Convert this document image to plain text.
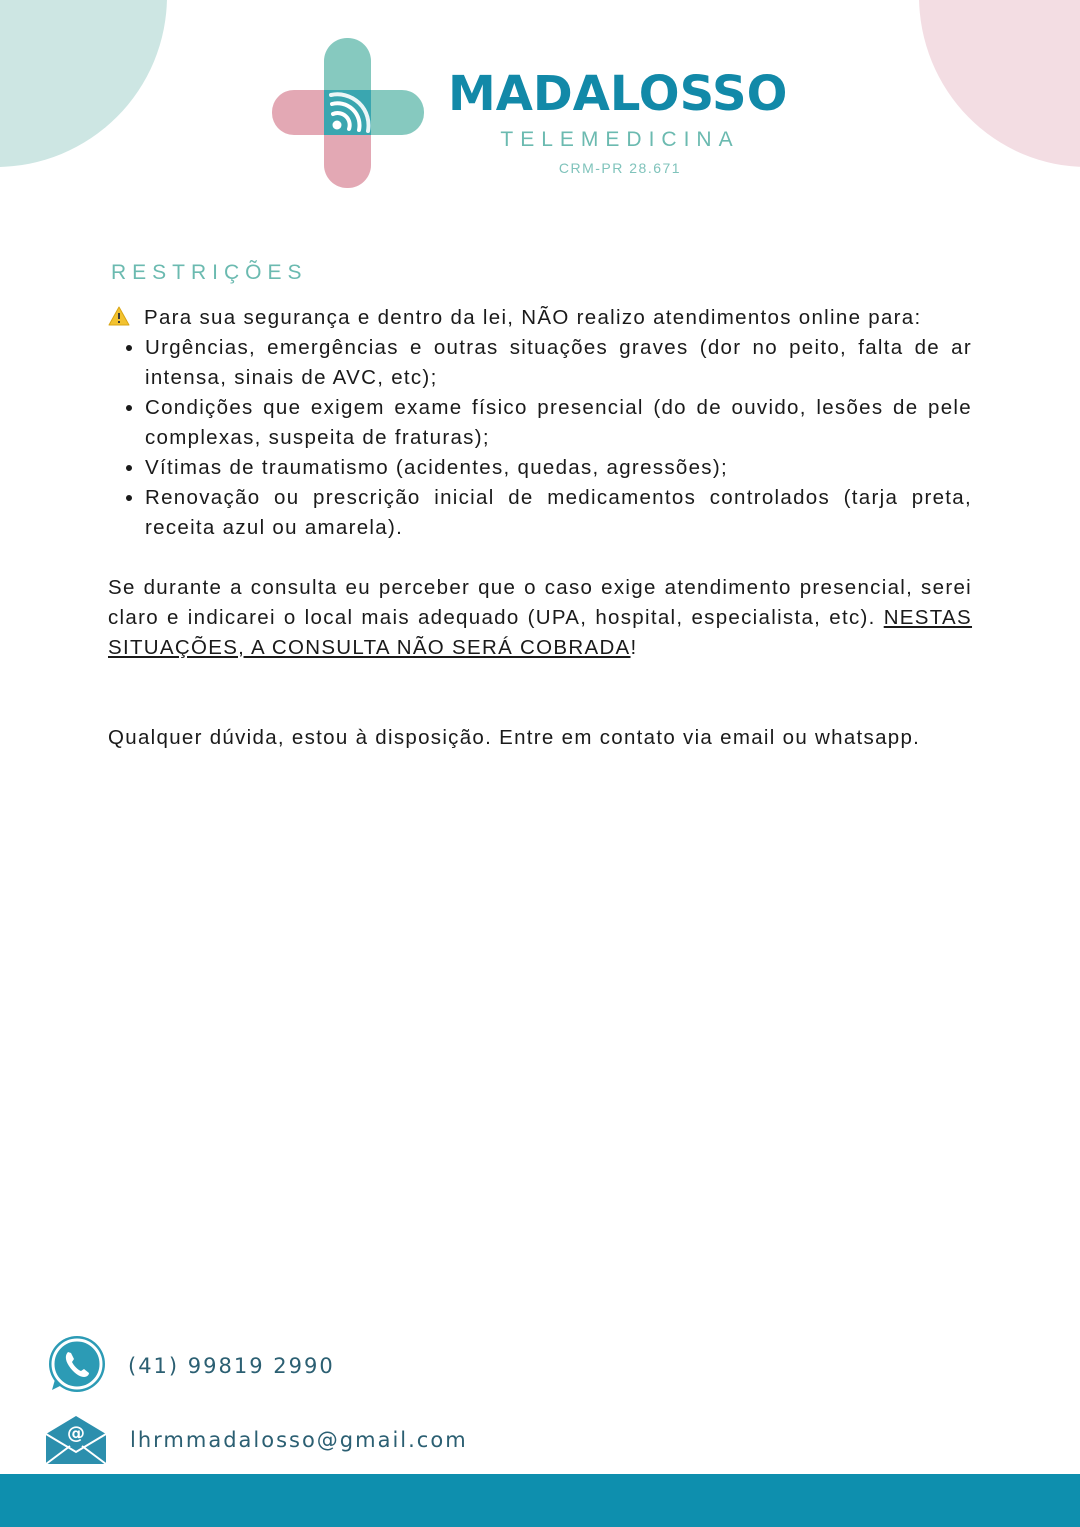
MADALOSSO
TELEMEDICINA
CRM-PR 28.671
RESTRIÇÕES

Para sua segurança e dentro da lei, NÃO realizo atendimentos online para:

• Urgências, emergências e outras situações graves (dor no peito, falta de ar intensa, sinais de AVC, etc);
• Condições que exigem exame físico presencial (do de ouvido, lesões de pele complexas, suspeita de fraturas);
• Vítimas de traumatismo (acidentes, quedas, agressões);
• Renovação ou prescrição inicial de medicamentos controlados (tarja preta, receita azul ou amarela).

Se durante a consulta eu perceber que o caso exige atendimento presencial, serei claro e indicarei o local mais adequado (UPA, hospital, especialista, etc). NESTAS SITUAÇÕES, A CONSULTA NÃO SERÁ COBRADA!

Qualquer dúvida, estou à disposição. Entre em contato via email ou whatsapp.

(41) 99819 2990
@ lhrmmadalosso@gmail.com
